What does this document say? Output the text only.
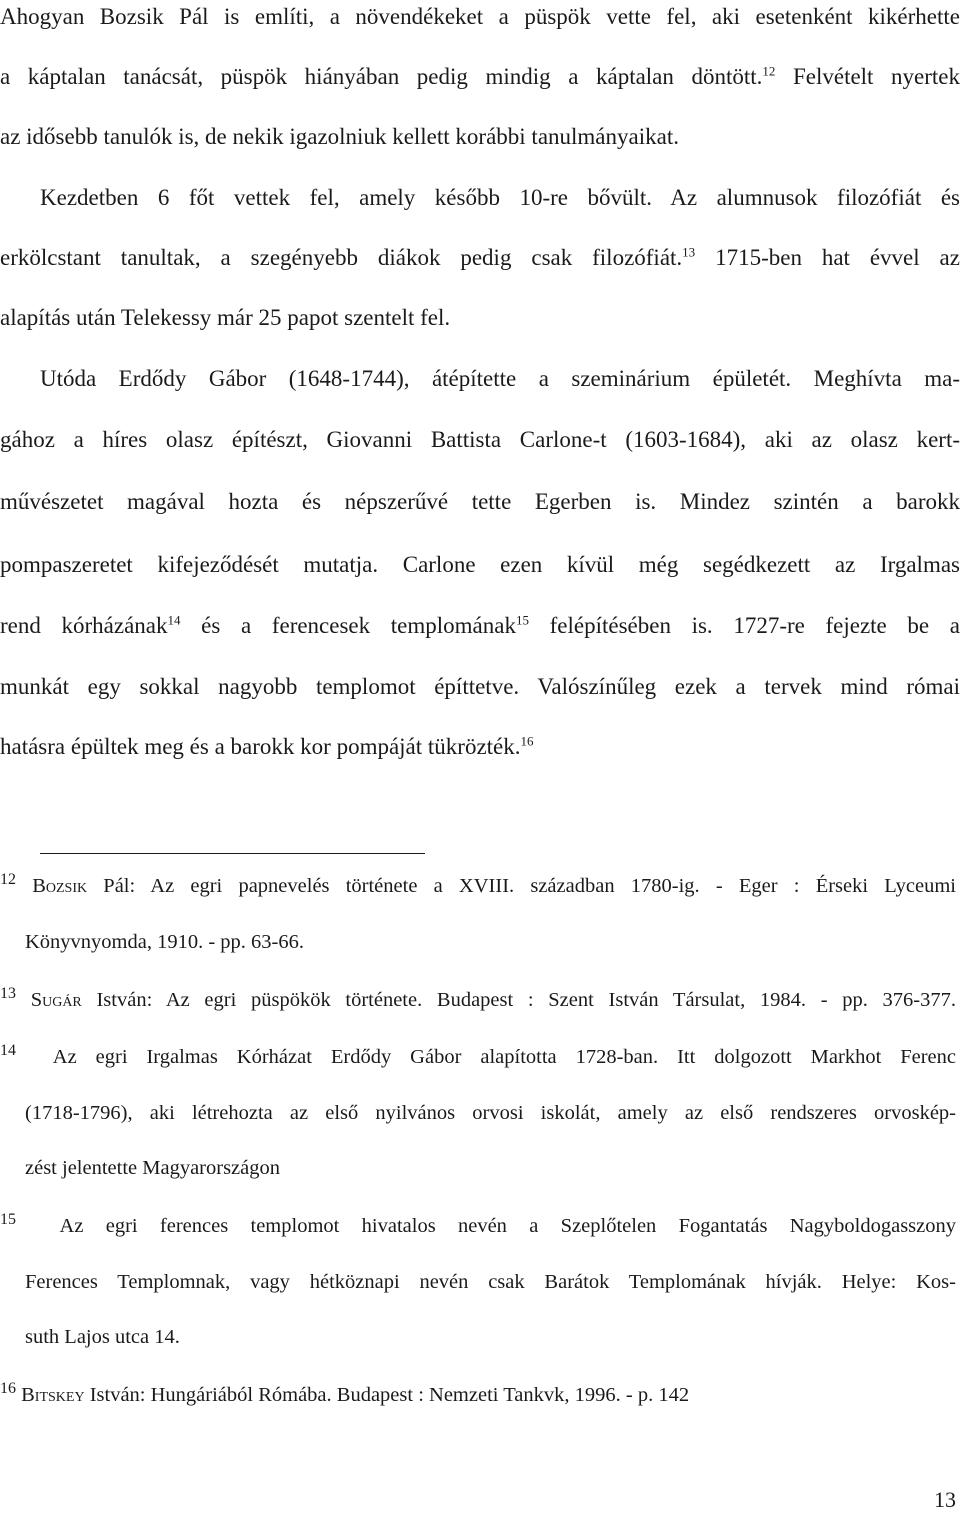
Ahogyan Bozsik Pál is említi, a növendékeket a püspök vette fel, aki esetenként kikérhette
a káptalan tanácsát, püspök hiányában pedig mindig a káptalan döntött.$^{12}$ Felvételt nyertek
az idősebb tanulók is, de nekik igazolniuk kellett korábbi tanulmányaikat.
Kezdetben 6 főt vettek fel, amely később 10-re bővült. Az alumnusok filozófiát és
erkölcstant tanultak, a szegényebb diákok pedig csak filozófiát.$^{13}$ 1715-ben hat évvel az
alapítás után Telekessy már 25 papot szentelt fel.
Utóda Erdődy Gábor (1648-1744), átépítette a szeminárium épületét. Meghívta ma-
gához a híres olasz építészt, Giovanni Battista Carlone-t (1603-1684), aki az olasz kert-
művészetet magával hozta és népszerűvé tette Egerben is. Mindez szintén a barokk
pompaszeretet kifejeződését mutatja. Carlone ezen kívül még segédkezett az Irgalmas
rend kórházának$^{14}$ és a ferencesek templomának$^{15}$ felépítésében is. 1727-re fejezte be a
munkát egy sokkal nagyobb templomot építtetve. Valószínűleg ezek a tervek mind római
hatásra épültek meg és a barokk kor pompáját tükrözték.$^{16}$
$^{12}$ Bozsik Pál: Az egri papnevelés története a XVIII. században 1780-ig. - Eger : Érseki Lyceumi
Könyvnyomda, 1910. - pp. 63-66.
$^{13}$ Sugár István: Az egri püspökök története. Budapest : Szent István Társulat, 1984. - pp. 376-377.
$^{14}$ Az egri Irgalmas Kórházat Erdődy Gábor alapította 1728-ban. Itt dolgozott Markhot Ferenc
(1718-1796), aki létrehozta az első nyilvános orvosi iskolát, amely az első rendszeres orvoskép-
zést jelentette Magyarországon
$^{15}$ Az egri ferences templomot hivatalos nevén a Szeplőtelen Fogantatás Nagyboldogasszony
Ferences Templomnak, vagy hétköznapi nevén csak Barátok Templomának hívják. Helye: Kos-
suth Lajos utca 14.
$^{16}$ Bitskey István: Hungáriából Rómába. Budapest : Nemzeti Tankvk, 1996. - p. 142
13
